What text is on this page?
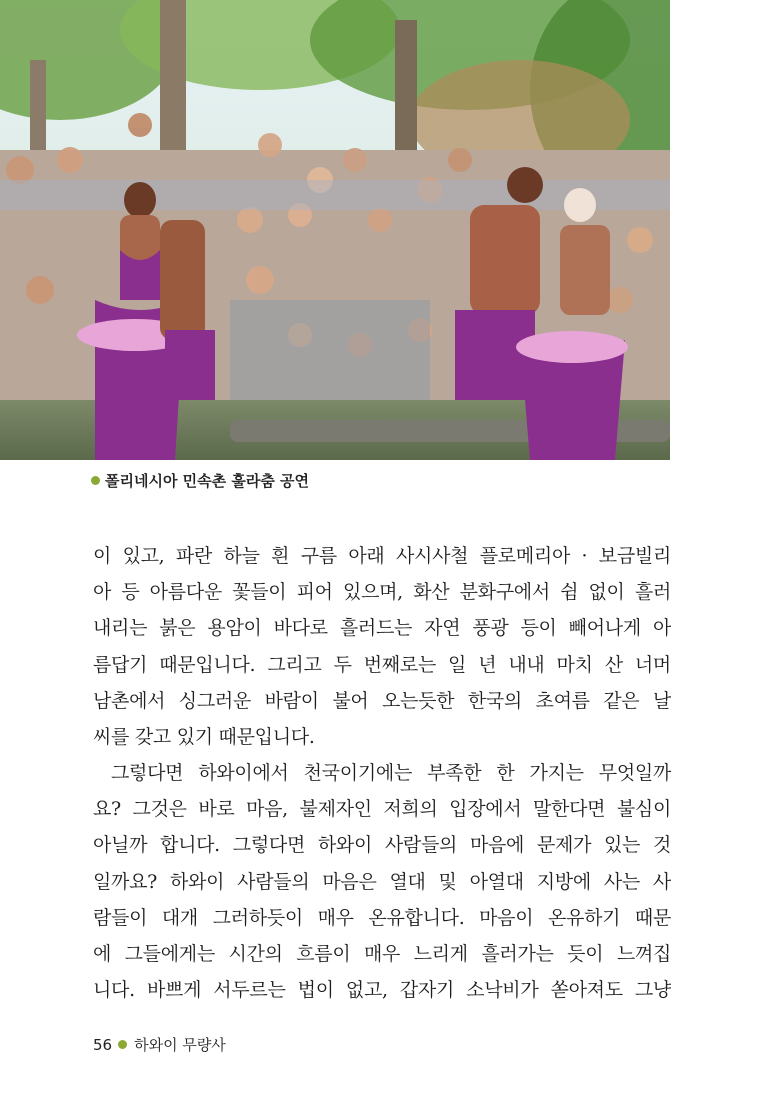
폴리네시아 민속촌 훌라춤 공연
이 있고, 파란 하늘 흰 구름 아래 사시사철 플로메리아 · 보금빌리
아 등 아름다운 꽃들이 피어 있으며, 화산 분화구에서 쉼 없이 흘러
내리는 붉은 용암이 바다로 흘러드는 자연 풍광 등이 빼어나게 아
름답기 때문입니다. 그리고 두 번째로는 일 년 내내 마치 산 너머
남촌에서 싱그러운 바람이 불어 오는듯한 한국의 초여름 같은 날
씨를 갖고 있기 때문입니다.
그렇다면 하와이에서 천국이기에는 부족한 한 가지는 무엇일까
요? 그것은 바로 마음, 불제자인 저희의 입장에서 말한다면 불심이
아닐까 합니다. 그렇다면 하와이 사람들의 마음에 문제가 있는 것
일까요? 하와이 사람들의 마음은 열대 및 아열대 지방에 사는 사
람들이 대개 그러하듯이 매우 온유합니다. 마음이 온유하기 때문
에 그들에게는 시간의 흐름이 매우 느리게 흘러가는 듯이 느껴집
니다. 바쁘게 서두르는 법이 없고, 갑자기 소낙비가 쏟아져도 그냥
56 하와이 무량사
